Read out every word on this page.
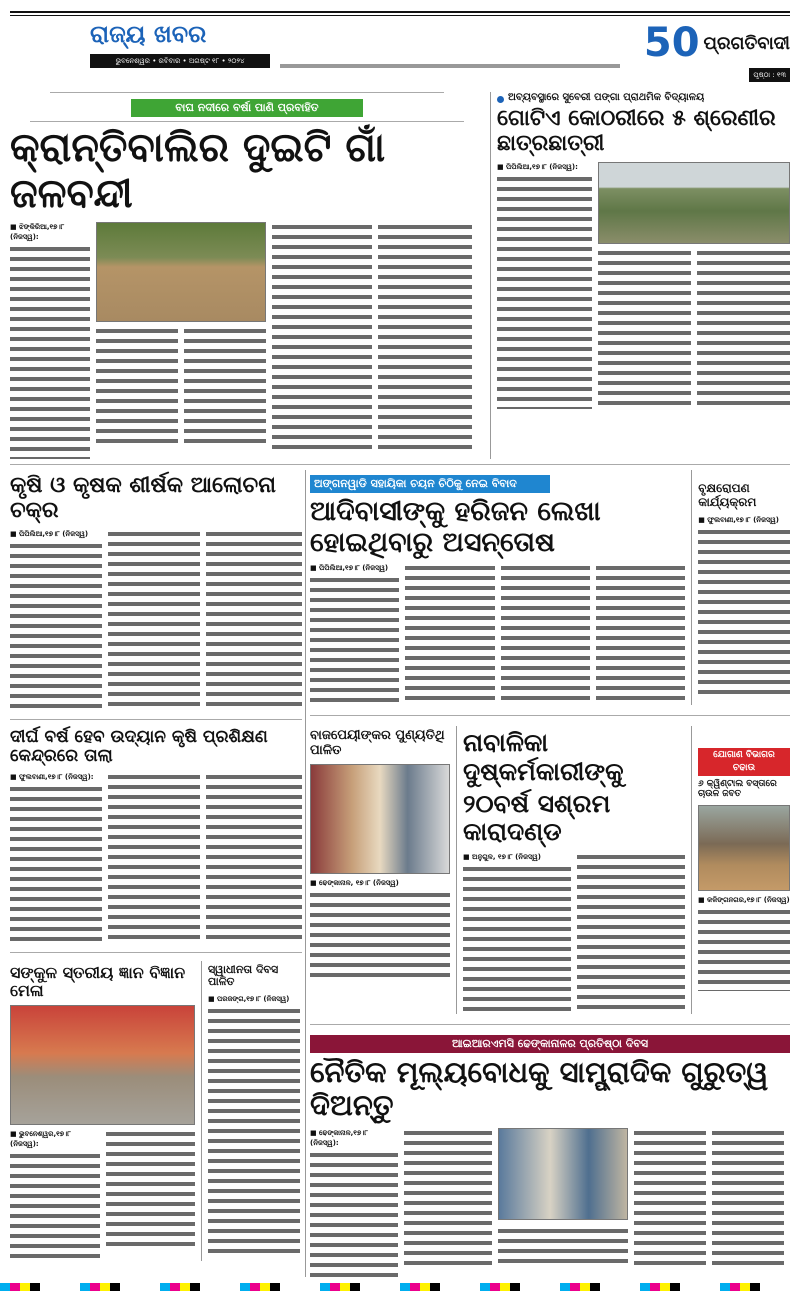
ରାଜ୍ୟ ଖବର
ଭୁବନେଶ୍ୱର • ରବିବାର • ଅଗଷ୍ଟ ୧୮ • ୨୦୨୪	50 ପ୍ରଗତିବାଦୀ
ପୃଷ୍ଠା : ୧୩
ବାଘ ନଦୀରେ ବର୍ଷା ପାଣି ପ୍ରବାହିତ
କ୍ରାନ୍ତିବାଲିର ଦୁଇଟି ଗାଁ ଜଳବନ୍ଦୀ
■ ଝିଙ୍କିରିଆ,୧୭।୮ (ନିଜସ୍ୱ):
ଅବ୍ୟବସ୍ଥାରେ ସୁବେରୀ ପଙ୍ଗା ପ୍ରାଥମିକ ବିଦ୍ୟାଳୟ
ଗୋଟିଏ କୋଠରୀରେ ୫ ଶ୍ରେଣୀର ଛାତ୍ରଛାତ୍ରୀ
■ ପିପିଲିଆ,୧୭।୮ (ନିଜସ୍ୱ):
କୃଷି ଓ କୃଷକ ଶୀର୍ଷକ ଆଲୋଚନା ଚକ୍ର
■ ପିପିଲିଆ,୧୭।୮ (ନିଜସ୍ୱ)
ଦୀର୍ଘ ବର୍ଷ ହେବ ଉଦ୍ୟାନ କୃଷି ପ୍ରଶିକ୍ଷଣ କେନ୍ଦ୍ରରେ ତାଲା
■ ଫୁଲବାଣୀ,୧୭।୮ (ନିଜସ୍ୱ):
ସଙ୍କୁଳ ସ୍ତରୀୟ ଜ୍ଞାନ ବିଜ୍ଞାନ ମେଳା
■ ଭୁବନେଶ୍ୱର,୧୭।୮ (ନିଜସ୍ୱ):
ସ୍ୱାଧୀନତା ଦିବସ ପାଳିତ
■ ପରଜଙ୍ଗ,୧୭।୮ (ନିଜସ୍ୱ)
ଅଙ୍ଗନୱାଡି ସହାୟିକା ଚୟନ ଚିଠିକୁ ନେଇ ବିବାଦ
ଆଦିବାସୀଙ୍କୁ ହରିଜନ ଲେଖା ହୋଇଥିବାରୁ ଅସନ୍ତୋଷ
■ ପିପିଲିଆ,୧୭।୮ (ନିଜସ୍ୱ)
ବୃକ୍ଷରୋପଣ କାର୍ଯ୍ୟକ୍ରମ
■ ଫୁଲବାଣୀ,୧୭।୮ (ନିଜସ୍ୱ)
ବାଜପେୟୀଙ୍କର ପୁଣ୍ୟତିଥି ପାଳିତ
■ ଢେଙ୍କାନାଳ, ୧୭।୮ (ନିଜସ୍ୱ)
ନାବାଳିକା ଦୁଷ୍କର୍ମକାରୀଙ୍କୁ
୨୦ବର୍ଷ ସଶ୍ରମ କାରାଦଣ୍ଡ
■ ଅନୁଗୁଳ, ୧୭।୮ (ନିଜସ୍ୱ)
ଯୋଗାଣ ବିଭାଗର ଚଢାଉ
୬ କ୍ୱିଣ୍ଟାଲ ବସ୍ତାରେ ଚାଉଳ ଜବତ
■ କଳିଙ୍ଗନଗର,୧୭।୮ (ନିଜସ୍ୱ)
ଆଇଆରଏମସି ଢେଙ୍କାନାଳର ପ୍ରତିଷ୍ଠା ଦିବସ
ନୈତିକ ମୂଲ୍ୟବୋଧକୁ ସାମ୍ପ୍ରାଦିକ ଗୁରୁତ୍ୱ ଦିଅନ୍ତୁ
■ ଢେଙ୍କାନାଳ,୧୭।୮ (ନିଜସ୍ୱ):
